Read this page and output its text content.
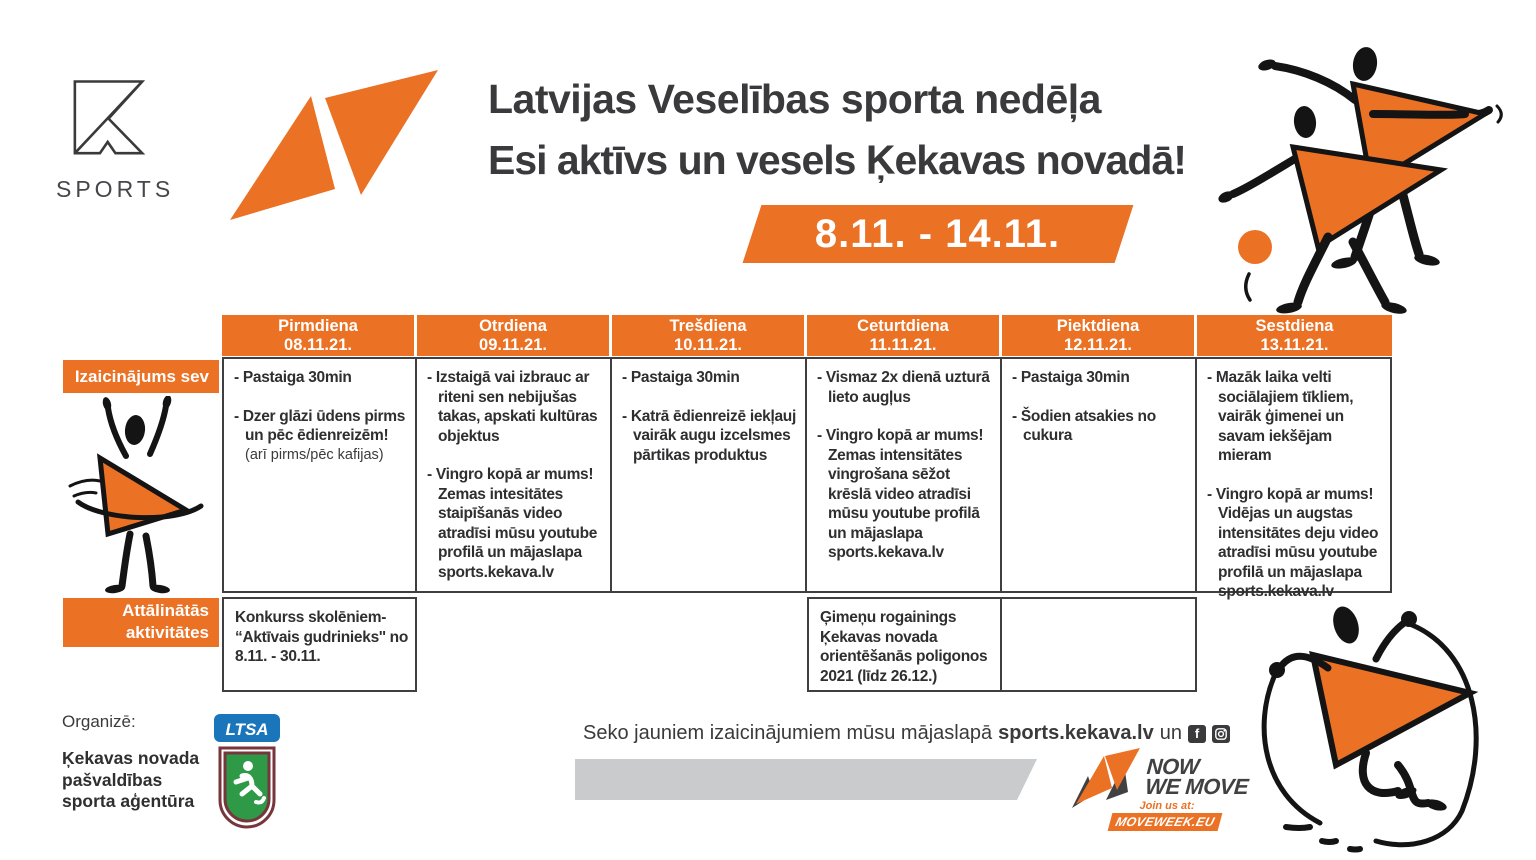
SPORTS
Latvijas Veselības sporta nedēļa
Esi aktīvs un vesels Ķekavas novadā!
8.11. - 14.11.
Izaicinājums sev
Attālinātās
aktivitātes
Pirmdiena
08.11.21.
Otrdiena
09.11.21.
Trešdiena
10.11.21.
Ceturtdiena
11.11.21.
Piektdiena
12.11.21.
Sestdiena
13.11.21.
- Pastaiga 30min
- Dzer glāzi ūdens pirms un pēc ēdienreizēm!
(arī pirms/pēc kafijas)
- Izstaigā vai izbrauc ar riteni sen nebijušas takas, apskati kultūras objektus
- Vingro kopā ar mums! Zemas intesitātes staipīšanās video atradīsi mūsu youtube profilā un mājaslapa sports.kekava.lv
- Pastaiga 30min
- Katrā ēdienreizē iekļauj vairāk augu izcelsmes pārtikas produktus
- Vismaz 2x dienā uzturā lieto augļus
- Vingro kopā ar mums! Zemas intensitātes vingrošana sēžot krēslā video atradīsi mūsu youtube profilā un mājaslapa sports.kekava.lv
- Pastaiga 30min
- Šodien atsakies no cukura
- Mazāk laika velti sociālajiem tīkliem, vairāk ģimenei un savam iekšējam mieram
- Vingro kopā ar mums! Vidējas un augstas intensitātes deju video atradīsi mūsu youtube profilā un mājaslapa sports.kekava.lv
Konkurss skolēniem- “Aktīvais gudrinieks'' no 8.11. - 30.11.
Ģimeņu rogainings Ķekavas novada orientēšanās poligonos 2021 (līdz 26.12.)
Organizē:
Ķekavas novada
pašvaldības
sporta aģentūra
LTSA	Seko jauniem izaicinājumiem mūsu mājaslapā sports.kekava.lv un f
NOW
WE MOVE
Join us at:
MOVEWEEK.EU
